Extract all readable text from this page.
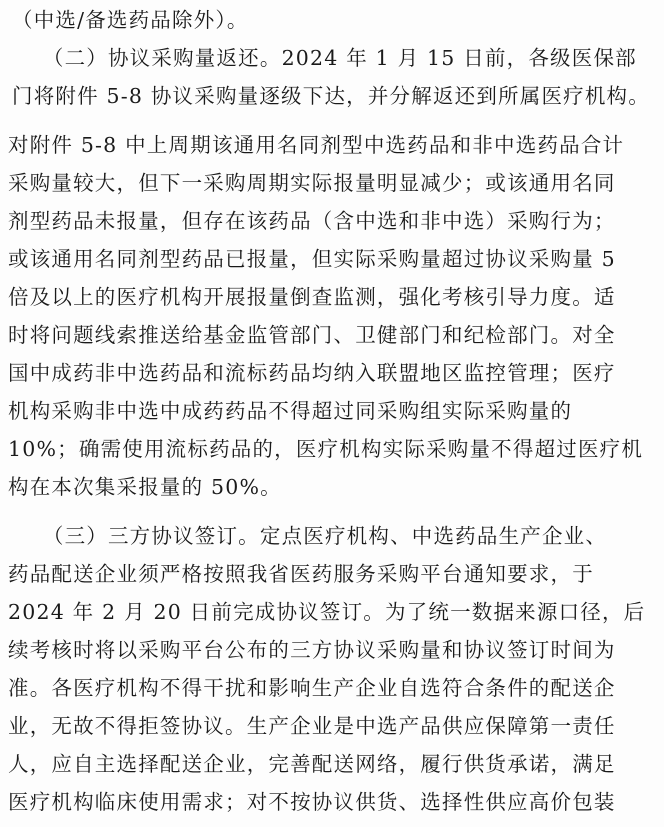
（中选/备选药品除外）。
（二）协议采购量返还。2024 年 1 月 15 日前，各级医保部
门将附件 5-8 协议采购量逐级下达，并分解返还到所属医疗机构。
对附件 5-8 中上周期该通用名同剂型中选药品和非中选药品合计
采购量较大，但下一采购周期实际报量明显减少；或该通用名同
剂型药品未报量，但存在该药品（含中选和非中选）采购行为；
或该通用名同剂型药品已报量，但实际采购量超过协议采购量 5
倍及以上的医疗机构开展报量倒查监测，强化考核引导力度。适
时将问题线索推送给基金监管部门、卫健部门和纪检部门。对全
国中成药非中选药品和流标药品均纳入联盟地区监控管理；医疗
机构采购非中选中成药药品不得超过同采购组实际采购量的
10%；确需使用流标药品的，医疗机构实际采购量不得超过医疗机
构在本次集采报量的 50%。
（三）三方协议签订。定点医疗机构、中选药品生产企业、
药品配送企业须严格按照我省医药服务采购平台通知要求，于
2024 年 2 月 20 日前完成协议签订。为了统一数据来源口径，后
续考核时将以采购平台公布的三方协议采购量和协议签订时间为
准。各医疗机构不得干扰和影响生产企业自选符合条件的配送企
业，无故不得拒签协议。生产企业是中选产品供应保障第一责任
人，应自主选择配送企业，完善配送网络，履行供货承诺，满足
医疗机构临床使用需求；对不按协议供货、选择性供应高价包装
